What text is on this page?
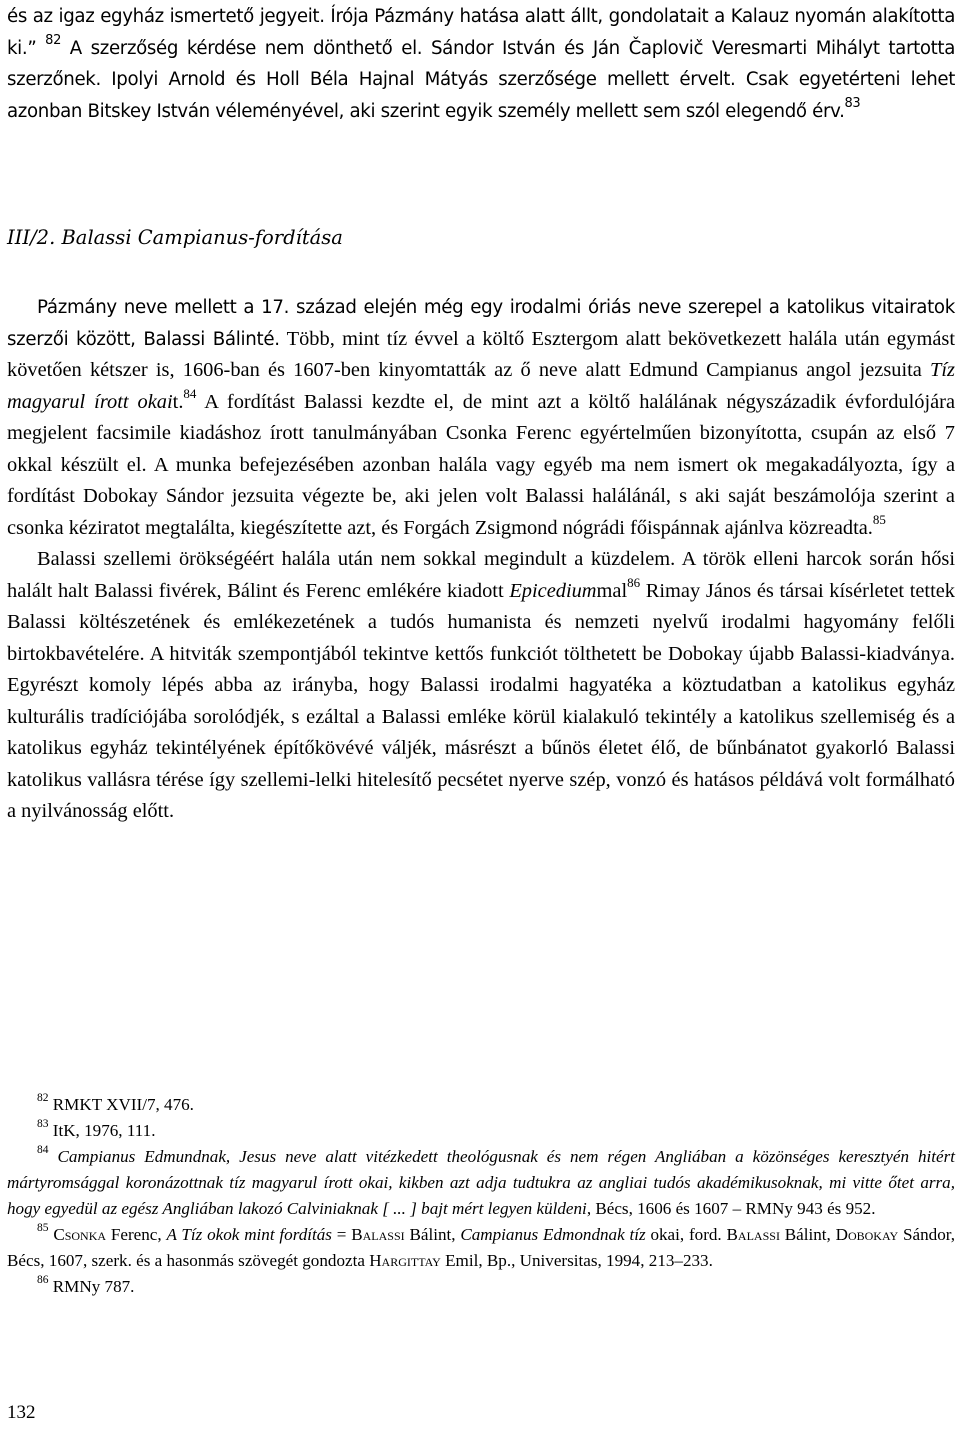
és az igaz egyház ismertető jegyeit. Írója Pázmány hatása alatt állt, gondolatait a Kalauz nyomán alakította ki.” $^{82}$ A szerzőség kérdése nem dönthető el. Sándor István és Ján Čaplovič Veresmarti Mihályt tartotta szerzőnek. Ipolyi Arnold és Holl Béla Hajnal Mátyás szerzősége mellett érvelt. Csak egyetérteni lehet azonban Bitskey István véleményével, aki szerint egyik személy mellett sem szól elegendő érv.$^{83}$

III/2. Balassi Campianus-fordítása

Pázmány neve mellett a 17. század elején még egy irodalmi óriás neve szerepel a katolikus vitairatok szerzői között, Balassi Bálinté. Több, mint tíz évvel a költő Esztergom alatt bekövetkezett halála után egymást követően kétszer is, 1606-ban és 1607-ben kinyomtatták az ő neve alatt Edmund Campianus angol jezsuita Tíz magyarul írott okait.$^{84}$ A fordítást Balassi kezdte el, de mint azt a költő halálának négyszázadik évfordulójára megjelent facsimile kiadáshoz írott tanulmányában Csonka Ferenc egyértelműen bizonyította, csupán az első 7 okkal készült el. A munka befejezésében azonban halála vagy egyéb ma nem ismert ok megakadályozta, így a fordítást Dobokay Sándor jezsuita végezte be, aki jelen volt Balassi halálánál, s aki saját beszámolója szerint a csonka kéziratot megtalálta, kiegészítette azt, és Forgách Zsigmond nógrádi főispánnak ajánlva közreadta.$^{85}$

Balassi szellemi örökségéért halála után nem sokkal megindult a küzdelem. A török elleni harcok során hősi halált halt Balassi fivérek, Bálint és Ferenc emlékére kiadott Epicediummal$^{86}$ Rimay János és társai kísérletet tettek Balassi költészetének és emlékezetének a tudós humanista és nemzeti nyelvű irodalmi hagyomány felőli birtokbavételére. A hitviták szempontjából tekintve kettős funkciót tölthetett be Dobokay újabb Balassi-kiadványa. Egyrészt komoly lépés abba az irányba, hogy Balassi irodalmi hagyatéka a köztudatban a katolikus egyház kulturális tradíciójába sorolódjék, s ezáltal a Balassi emléke körül kialakuló tekintély a katolikus szellemiség és a katolikus egyház tekintélyének építőkövévé váljék, másrészt a bűnös életet élő, de bűnbánatot gyakorló Balassi katolikus vallásra térése így szellemi-lelki hitelesítő pecsétet nyerve szép, vonzó és hatásos példává volt formálható a nyilvánosság előtt.

$^{82}$ RMKT XVII/7, 476.

$^{83}$ ItK, 1976, 111.

$^{84}$ Campianus Edmundnak, Jesus neve alatt vitézkedett theológusnak és nem régen Angliában a közönséges keresztyén hitért mártyromsággal koronázottnak tíz magyarul írott okai, kikben azt adja tudtukra az angliai tudós akadémikusoknak, mi vitte őtet arra, hogy egyedül az egész Angliában lakozó Calviniaknak [ ... ] bajt mért legyen küldeni, Bécs, 1606 és 1607 – RMNy 943 és 952.

$^{85}$ Csonka Ferenc, A Tíz okok mint fordítás = Balassi Bálint, Campianus Edmondnak tíz okai, ford. Balassi Bálint, Dobokay Sándor, Bécs, 1607, szerk. és a hasonmás szövegét gondozta Hargittay Emil, Bp., Universitas, 1994, 213–233.

$^{86}$ RMNy 787.

132
